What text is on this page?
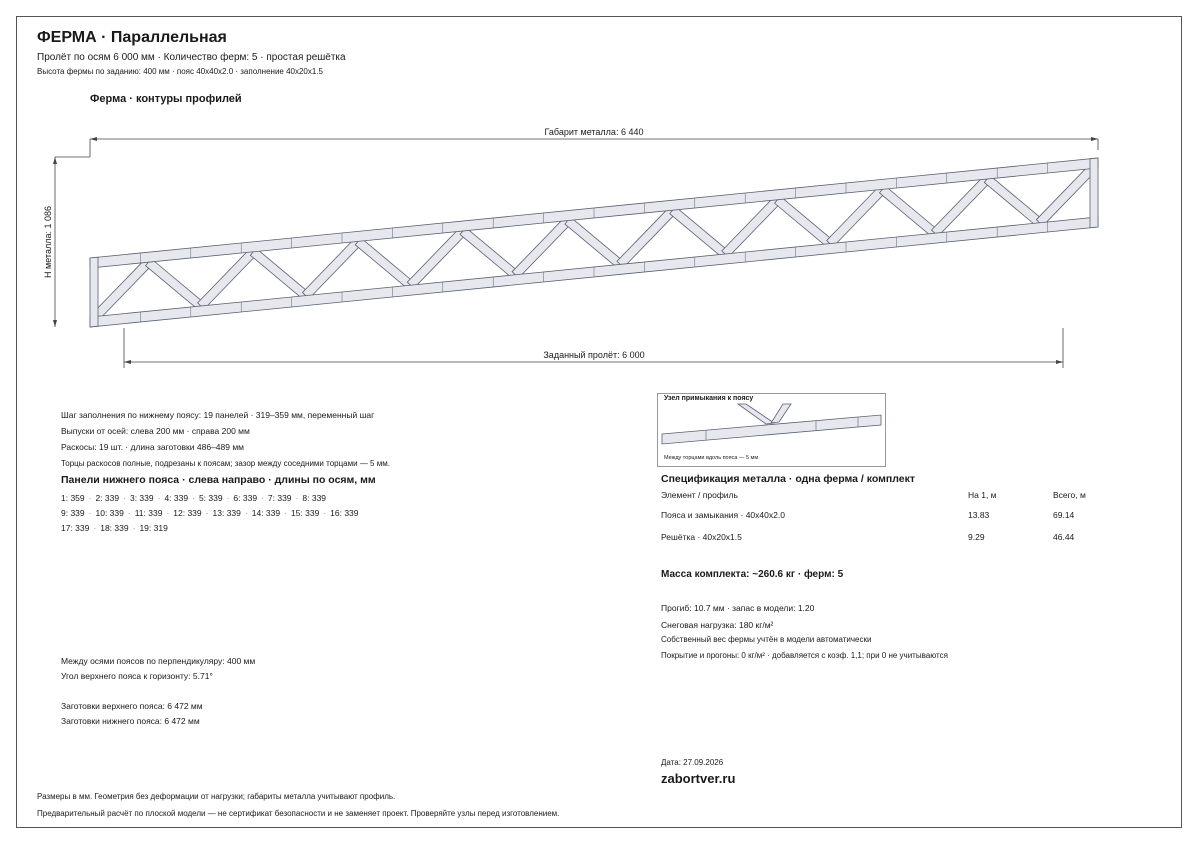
ФЕРМА · Параллельная
Пролёт по осям 6 000 мм · Количество ферм: 5 · простая решётка
Высота фермы по заданию: 400 мм · пояс 40x40x2.0 · заполнение 40x20x1.5
Ферма · контуры профилей
Габарит металла: 6 440
H металла: 1 086
Заданный пролёт: 6 000
Шаг заполнения по нижнему поясу: 19 панелей · 319–359 мм, переменный шаг
Выпуски от осей: слева 200 мм · справа 200 мм
Раскосы: 19 шт. · длина заготовки 486–489 мм
Торцы раскосов полные, подрезаны к поясам; зазор между соседними торцами — 5 мм.
Панели нижнего пояса · слева направо · длины по осям, мм
1: 359 · 2: 339 · 3: 339 · 4: 339 · 5: 339 · 6: 339 · 7: 339 · 8: 339
9: 339 · 10: 339 · 11: 339 · 12: 339 · 13: 339 · 14: 339 · 15: 339 · 16: 339
17: 339 · 18: 339 · 19: 319
Между осями поясов по перпендикуляру: 400 мм
Угол верхнего пояса к горизонту: 5.71°
Заготовки верхнего пояса: 6 472 мм
Заготовки нижнего пояса: 6 472 мм
Узел примыкания к поясу
Между торцами вдоль пояса — 5 мм
Спецификация металла · одна ферма / комплект
Элемент / профиль	На 1, м	Всего, м
Пояса и замыкания · 40x40x2.0	13.83	69.14
Решётка · 40x20x1.5	9.29	46.44
Масса комплекта: ~260.6 кг · ферм: 5
Прогиб: 10.7 мм · запас в модели: 1.20
Снеговая нагрузка: 180 кг/м²
Собственный вес фермы учтён в модели автоматически
Покрытие и прогоны: 0 кг/м² · добавляется с коэф. 1,1; при 0 не учитываются
Дата: 27.09.2026
zabortver.ru
Размеры в мм. Геометрия без деформации от нагрузки; габариты металла учитывают профиль.
Предварительный расчёт по плоской модели — не сертификат безопасности и не заменяет проект. Проверяйте узлы перед изготовлением.
